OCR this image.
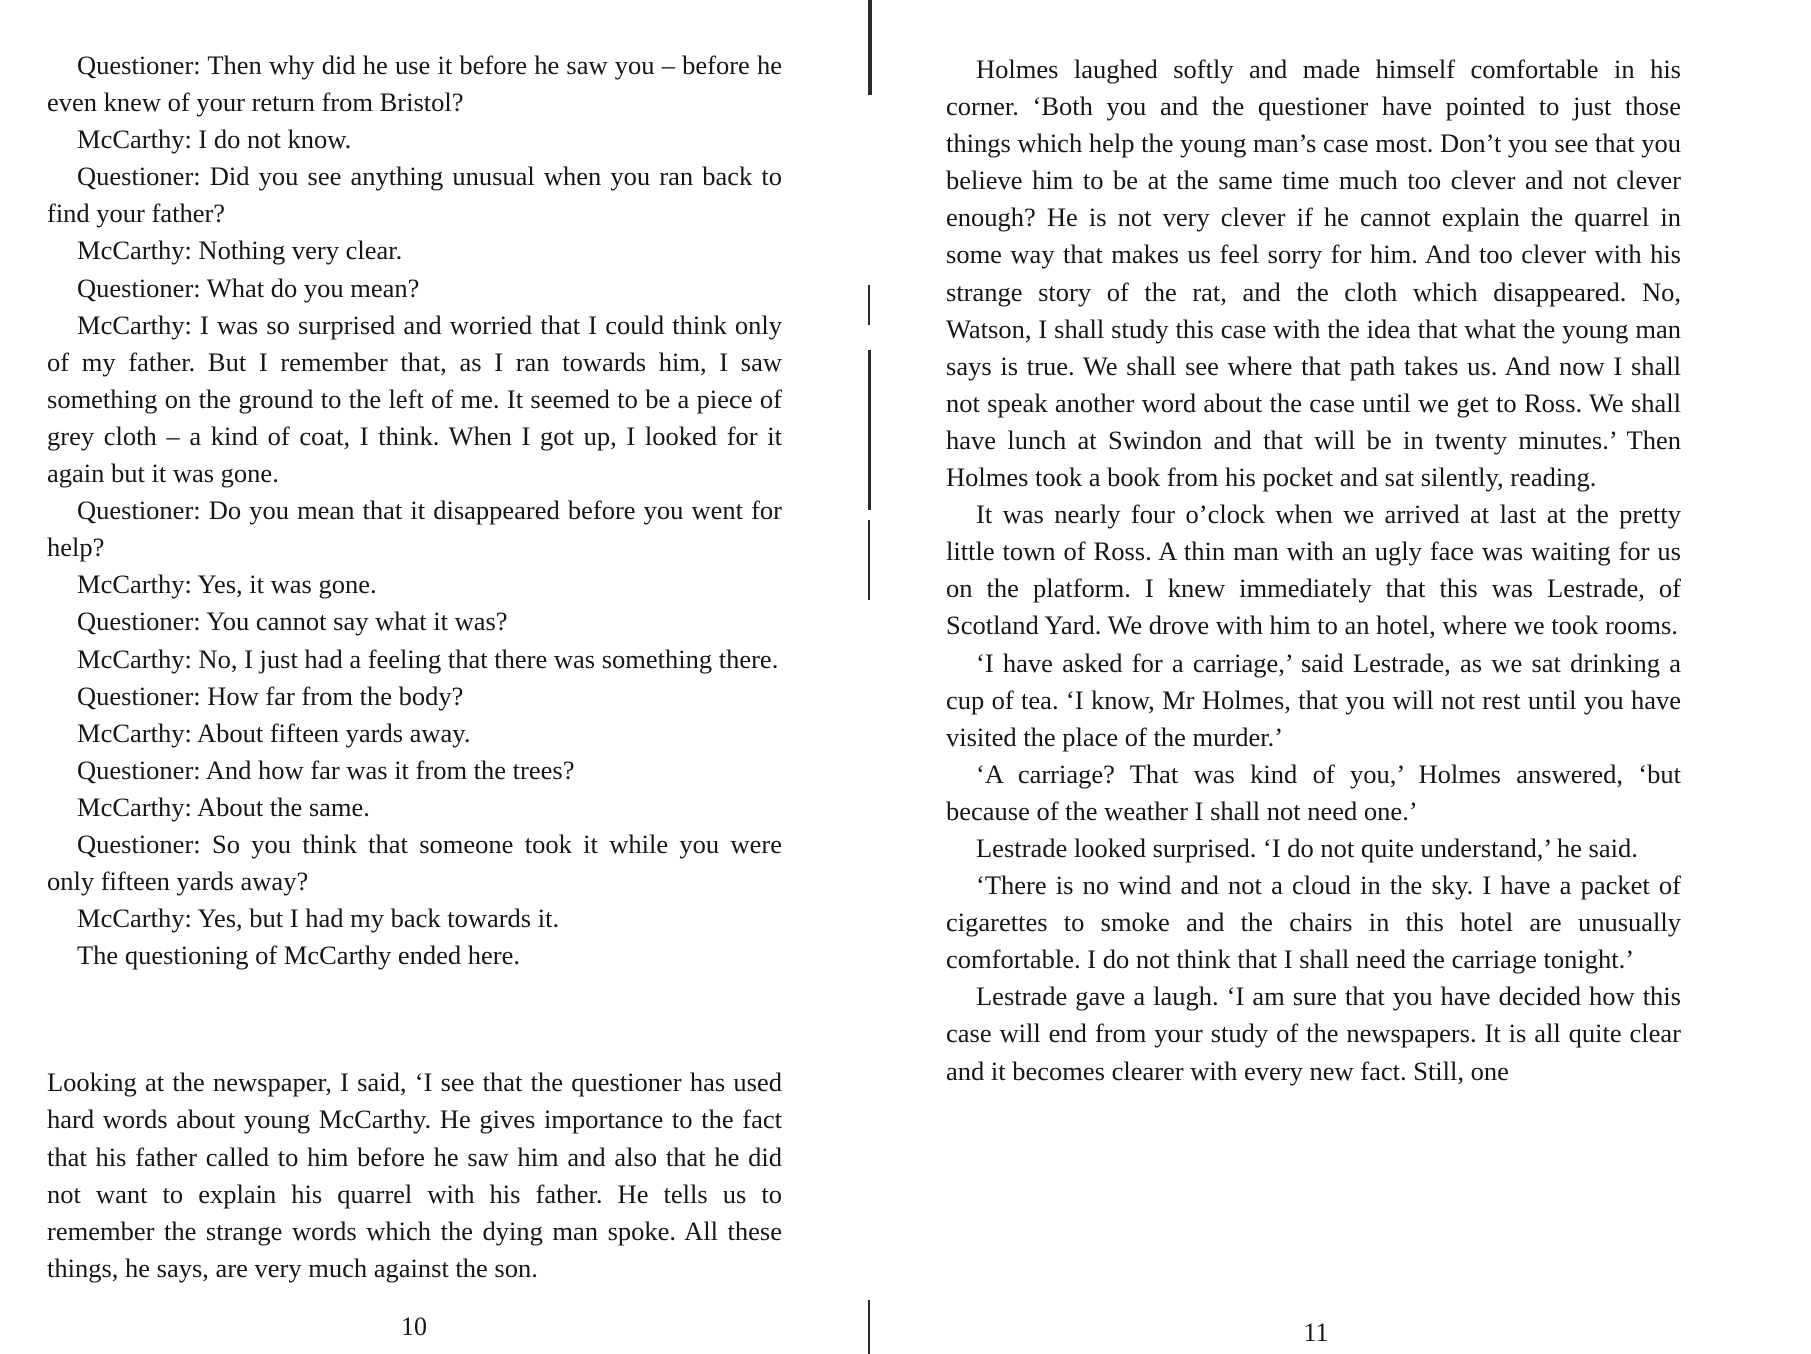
Questioner: Then why did he use it before he saw you – before he even knew of your return from Bristol?

McCarthy: I do not know.

Questioner: Did you see anything unusual when you ran back to find your father?

McCarthy: Nothing very clear.

Questioner: What do you mean?

McCarthy: I was so surprised and worried that I could think only of my father. But I remember that, as I ran towards him, I saw something on the ground to the left of me. It seemed to be a piece of grey cloth – a kind of coat, I think. When I got up, I looked for it again but it was gone.

Questioner: Do you mean that it disappeared before you went for help?

McCarthy: Yes, it was gone.

Questioner: You cannot say what it was?

McCarthy: No, I just had a feeling that there was something there.

Questioner: How far from the body?

McCarthy: About fifteen yards away.

Questioner: And how far was it from the trees?

McCarthy: About the same.

Questioner: So you think that someone took it while you were only fifteen yards away?

McCarthy: Yes, but I had my back towards it.

The questioning of McCarthy ended here.

Looking at the newspaper, I said, ‘I see that the questioner has used hard words about young McCarthy. He gives importance to the fact that his father called to him before he saw him and also that he did not want to explain his quarrel with his father. He tells us to remember the strange words which the dying man spoke. All these things, he says, are very much against the son.

Holmes laughed softly and made himself comfortable in his corner. ‘Both you and the questioner have pointed to just those things which help the young man’s case most. Don’t you see that you believe him to be at the same time much too clever and not clever enough? He is not very clever if he cannot explain the quarrel in some way that makes us feel sorry for him. And too clever with his strange story of the rat, and the cloth which disappeared. No, Watson, I shall study this case with the idea that what the young man says is true. We shall see where that path takes us. And now I shall not speak another word about the case until we get to Ross. We shall have lunch at Swindon and that will be in twenty minutes.’ Then Holmes took a book from his pocket and sat silently, reading.

It was nearly four o’clock when we arrived at last at the pretty little town of Ross. A thin man with an ugly face was waiting for us on the platform. I knew immediately that this was Lestrade, of Scotland Yard. We drove with him to an hotel, where we took rooms.

‘I have asked for a carriage,’ said Lestrade, as we sat drinking a cup of tea. ‘I know, Mr Holmes, that you will not rest until you have visited the place of the murder.’

‘A carriage? That was kind of you,’ Holmes answered, ‘but because of the weather I shall not need one.’

Lestrade looked surprised. ‘I do not quite understand,’ he said.

‘There is no wind and not a cloud in the sky. I have a packet of cigarettes to smoke and the chairs in this hotel are unusually comfortable. I do not think that I shall need the carriage tonight.’

Lestrade gave a laugh. ‘I am sure that you have decided how this case will end from your study of the newspapers. It is all quite clear and it becomes clearer with every new fact. Still, one

10	11
